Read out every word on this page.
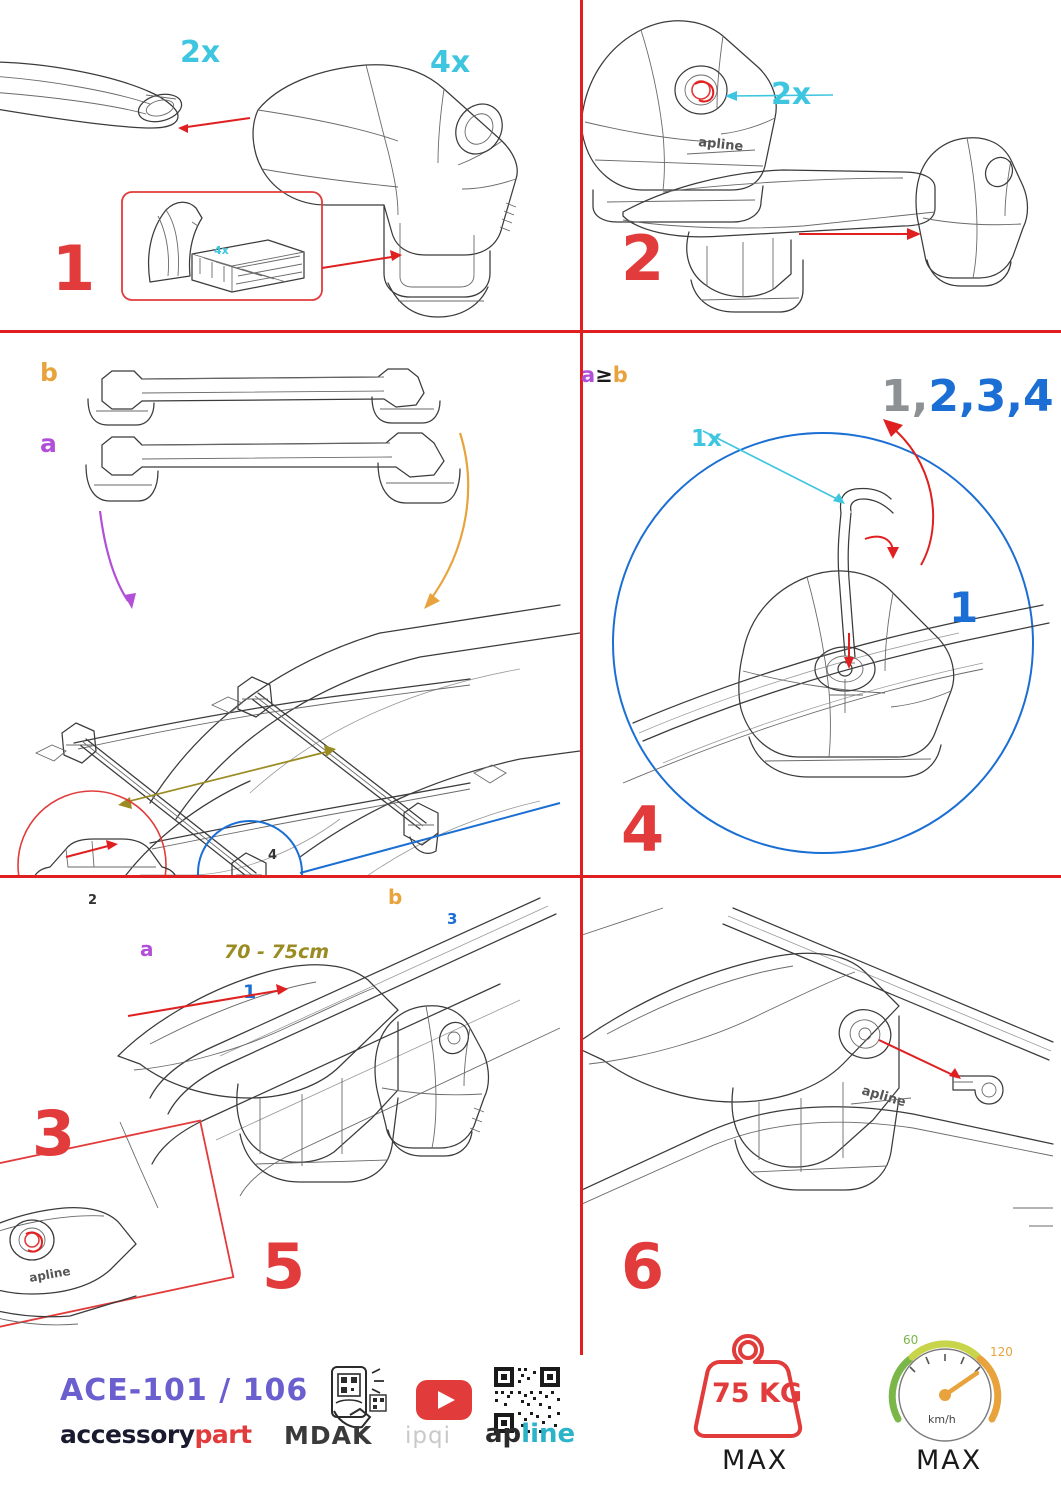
4x
2x	4x
1
apline
2x
2
b
a
a
b
70 - 75cm
1
2
3
4
3
a≥b
1x
1,2,3,4
1
4
apline	5
apline
6
ACE-101 / 106
accessorypart MDAK ipqi apline
75 KG
MAX
60
120
km/h
MAX
